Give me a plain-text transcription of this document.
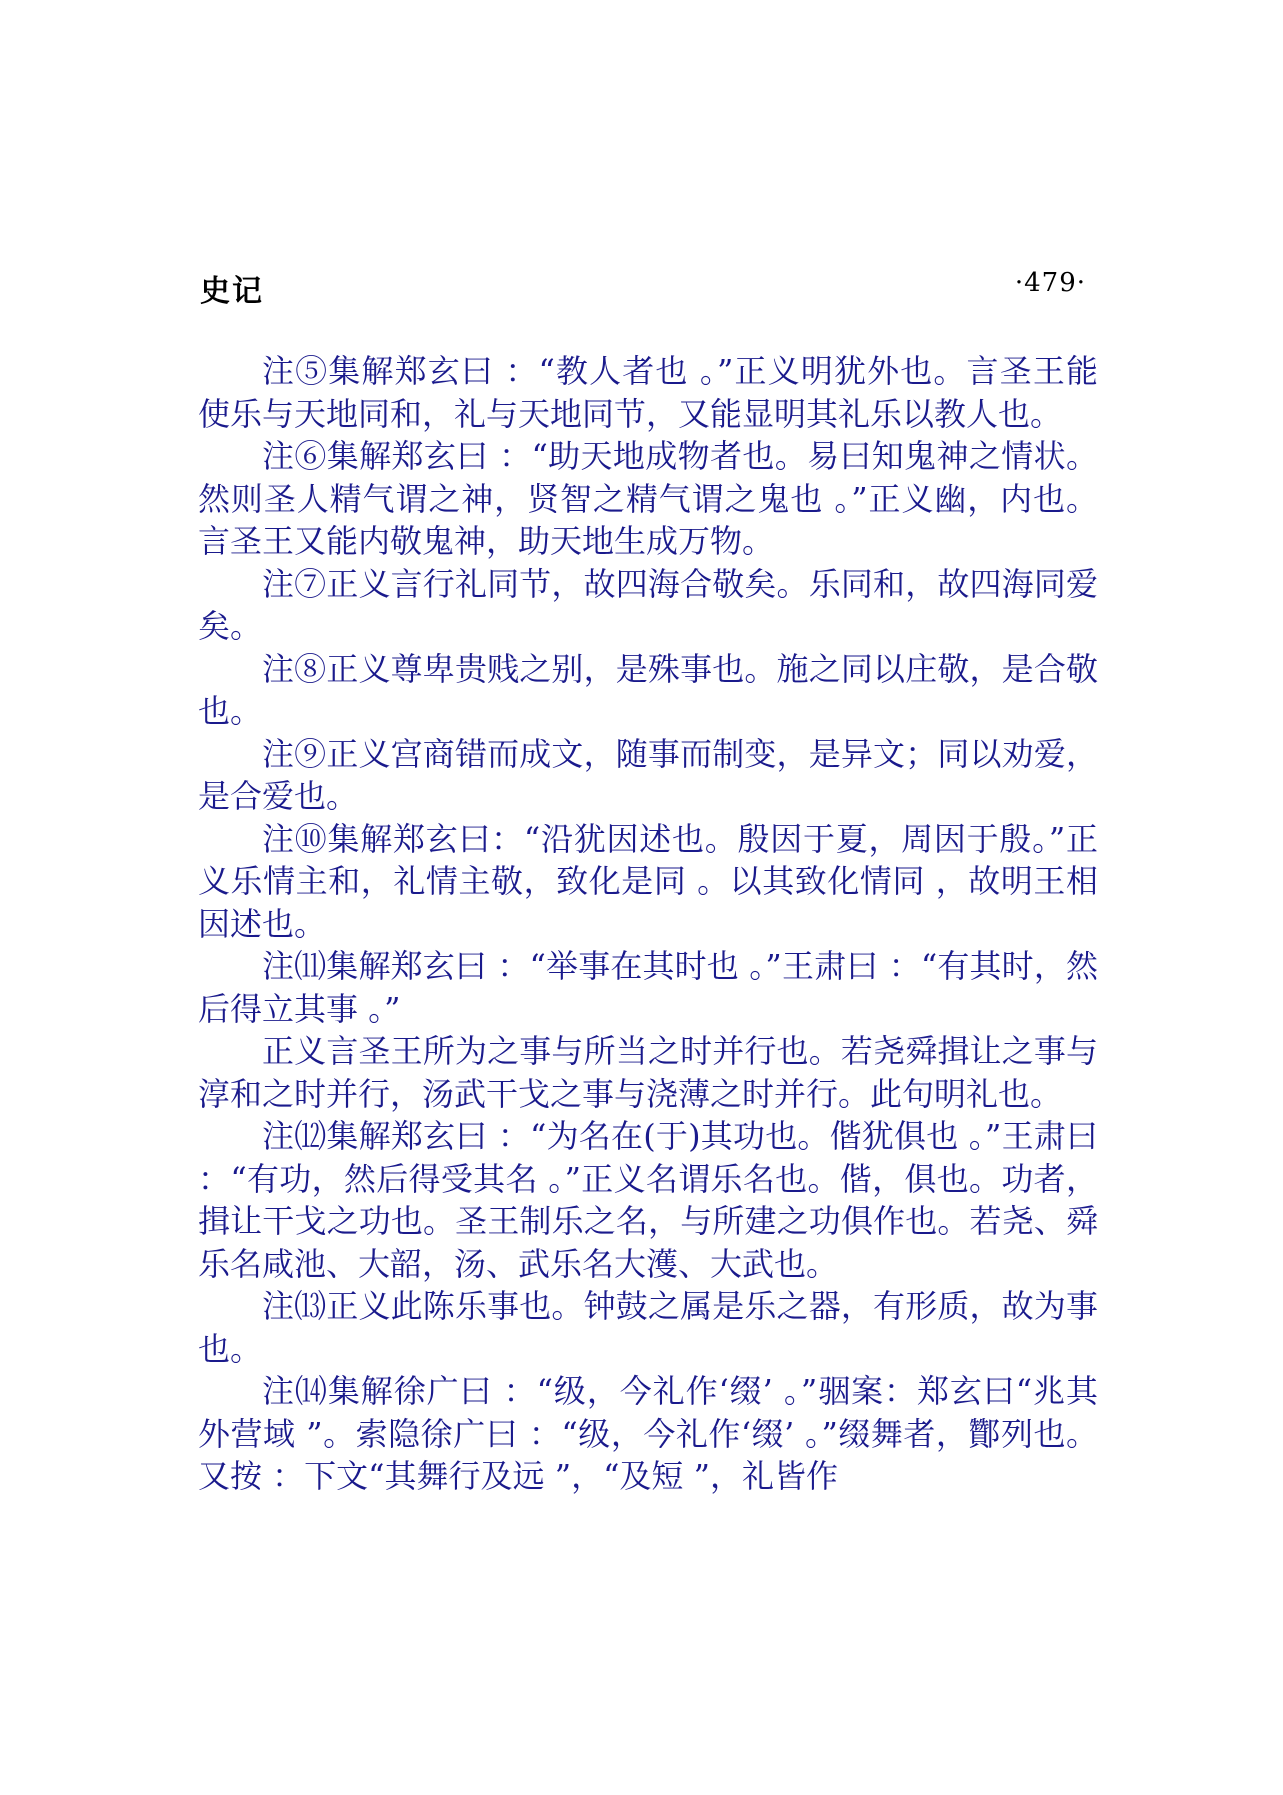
史记	·479·

注⑤集解郑玄曰 ：“教人者也 。”正义明犹外也。言圣王能使乐与天地同和，礼与天地同节，又能显明其礼乐以教人也。

注⑥集解郑玄曰 ：“助天地成物者也。易曰知鬼神之情状。然则圣人精气谓之神，贤智之精气谓之鬼也 。”正义幽，内也。言圣王又能内敬鬼神，助天地生成万物。

注⑦正义言行礼同节，故四海合敬矣。乐同和，故四海同爱矣。

注⑧正义尊卑贵贱之别，是殊事也。施之同以庄敬，是合敬也。

注⑨正义宫商错而成文，随事而制变，是异文；同以劝爱，是合爱也。

注⑩集解郑玄曰：“沿犹因述也。殷因于夏，周因于殷。”正义乐情主和，礼情主敬，致化是同 。以其致化情同 ，故明王相因述也。

注⑾集解郑玄曰 ：“举事在其时也 。”王肃曰 ：“有其时，然后得立其事 。”

正义言圣王所为之事与所当之时并行也。若尧舜揖让之事与淳和之时并行，汤武干戈之事与浇薄之时并行。此句明礼也。

注⑿集解郑玄曰 ：“为名在(于)其功也。偕犹俱也 。”王肃曰 ：“有功，然后得受其名 。”正义名谓乐名也。偕，俱也。功者，揖让干戈之功也。圣王制乐之名，与所建之功俱作也。若尧、舜乐名咸池、大韶，汤、武乐名大濩、大武也。

注⒀正义此陈乐事也。钟鼓之属是乐之器，有形质，故为事也。

注⒁集解徐广曰 ：“级，今礼作‘缀’ 。”骃案：郑玄曰“兆其外营域 ”。索隐徐广曰 ：“级，今礼作‘缀’ 。”缀舞者，酇列也。又按 ：下文“其舞行及远 ”，“及短 ”，礼皆作
